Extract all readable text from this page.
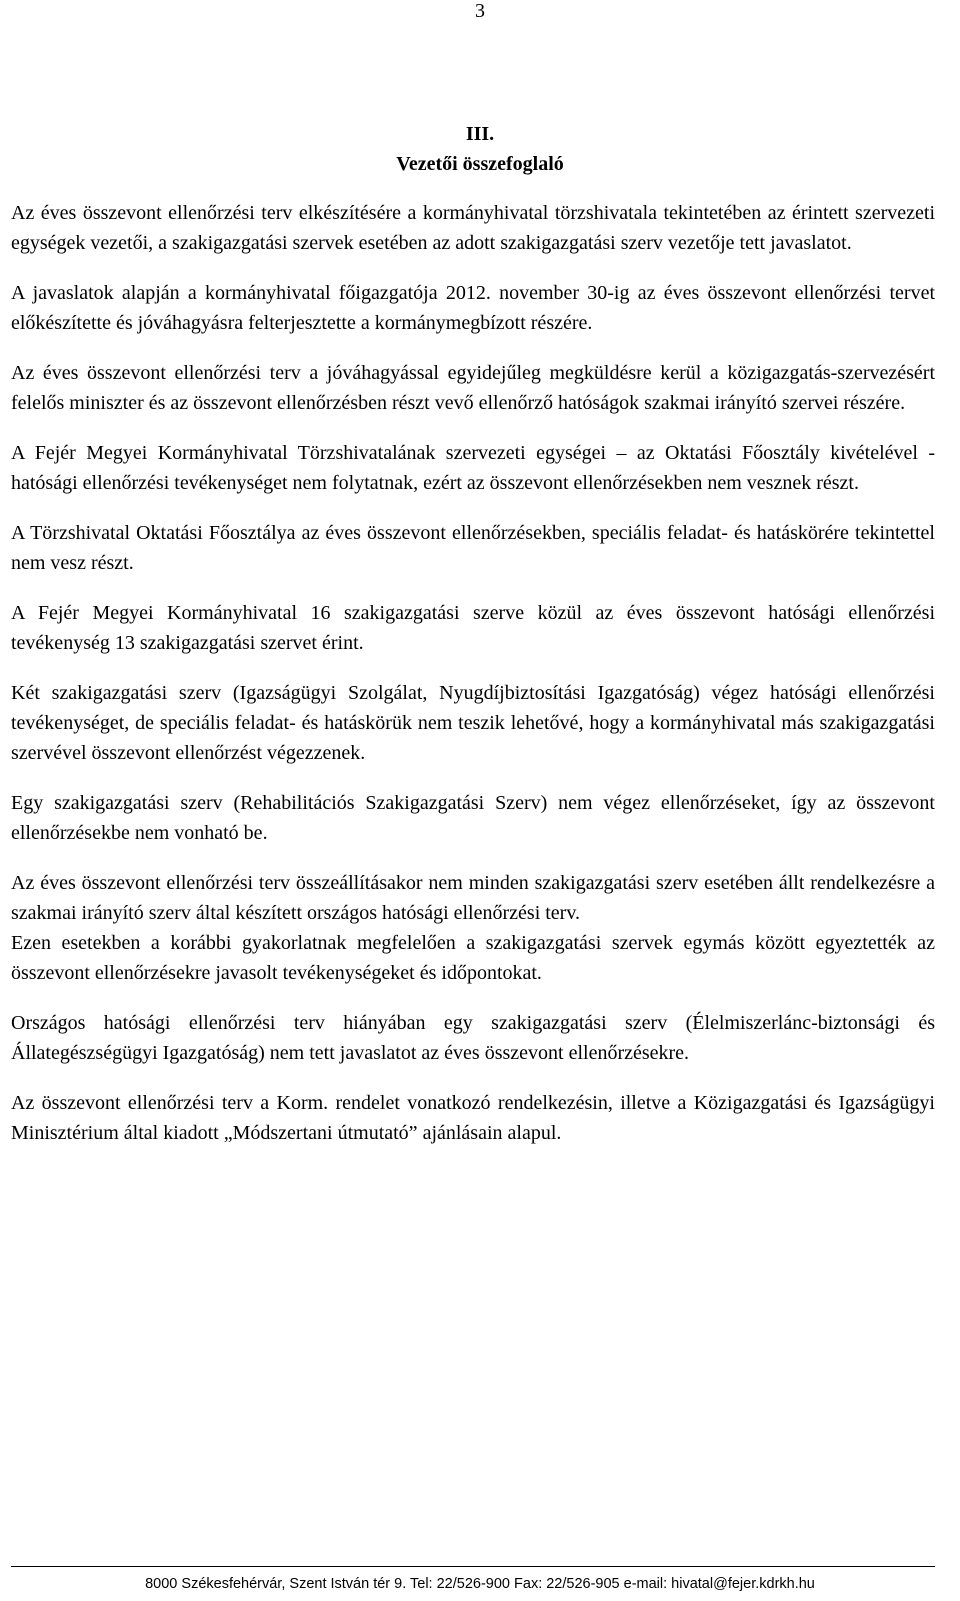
3
III.
Vezetői összefoglaló

Az éves összevont ellenőrzési terv elkészítésére a kormányhivatal törzshivatala tekintetében az érintett szervezeti egységek vezetői, a szakigazgatási szervek esetében az adott szakigazgatási szerv vezetője tett javaslatot.

A javaslatok alapján a kormányhivatal főigazgatója 2012. november 30-ig az éves összevont ellenőrzési tervet előkészítette és jóváhagyásra felterjesztette a kormánymegbízott részére.

Az éves összevont ellenőrzési terv a jóváhagyással egyidejűleg megküldésre kerül a közigazgatás-szervezésért felelős miniszter és az összevont ellenőrzésben részt vevő ellenőrző hatóságok szakmai irányító szervei részére.

A Fejér Megyei Kormányhivatal Törzshivatalának szervezeti egységei – az Oktatási Főosztály kivételével - hatósági ellenőrzési tevékenységet nem folytatnak, ezért az összevont ellenőrzésekben nem vesznek részt.

A Törzshivatal Oktatási Főosztálya az éves összevont ellenőrzésekben, speciális feladat- és hatáskörére tekintettel nem vesz részt.

A Fejér Megyei Kormányhivatal 16 szakigazgatási szerve közül az éves összevont hatósági ellenőrzési tevékenység 13 szakigazgatási szervet érint.

Két szakigazgatási szerv (Igazságügyi Szolgálat, Nyugdíjbiztosítási Igazgatóság) végez hatósági ellenőrzési tevékenységet, de speciális feladat- és hatáskörük nem teszik lehetővé, hogy a kormányhivatal más szakigazgatási szervével összevont ellenőrzést végezzenek.

Egy szakigazgatási szerv (Rehabilitációs Szakigazgatási Szerv) nem végez ellenőrzéseket, így az összevont ellenőrzésekbe nem vonható be.

Az éves összevont ellenőrzési terv összeállításakor nem minden szakigazgatási szerv esetében állt rendelkezésre a szakmai irányító szerv által készített országos hatósági ellenőrzési terv.

Ezen esetekben a korábbi gyakorlatnak megfelelően a szakigazgatási szervek egymás között egyeztették az összevont ellenőrzésekre javasolt tevékenységeket és időpontokat.

Országos hatósági ellenőrzési terv hiányában egy szakigazgatási szerv (Élelmiszerlánc-biztonsági és Állategészségügyi Igazgatóság) nem tett javaslatot az éves összevont ellenőrzésekre.

Az összevont ellenőrzési terv a Korm. rendelet vonatkozó rendelkezésin, illetve a Közigazgatási és Igazságügyi Minisztérium által kiadott „Módszertani útmutató” ajánlásain alapul.

8000 Székesfehérvár, Szent István tér 9. Tel: 22/526-900 Fax: 22/526-905 e-mail: hivatal@fejer.kdrkh.hu
